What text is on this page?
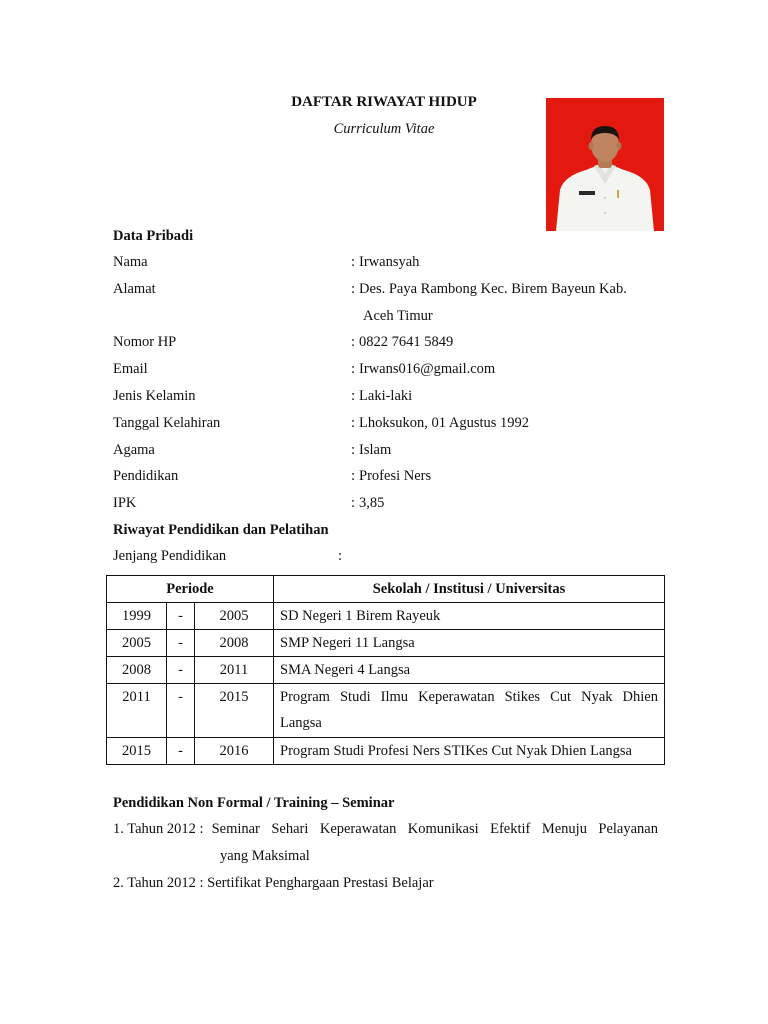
DAFTAR RIWAYAT HIDUP
Curriculum Vitae
Data Pribadi
Nama	: Irwansyah
Alamat	: Des. Paya Rambong Kec. Birem Bayeun Kab.
Aceh Timur
Nomor HP	: 0822 7641 5849
Email	: Irwans016@gmail.com
Jenis Kelamin	: Laki-laki
Tanggal Kelahiran	: Lhoksukon, 01 Agustus 1992
Agama	: Islam
Pendidikan	: Profesi Ners
IPK	: 3,85
Riwayat Pendidikan dan Pelatihan
Jenjang Pendidikan	:
Periode			Sekolah / Institusi / Universitas
1999	-	2005	SD Negeri 1 Birem Rayeuk
2005	-	2008	SMP Negeri 11 Langsa
2008	-	2011	SMA Negeri 4 Langsa
2011	-	2015	Program Studi Ilmu Keperawatan Stikes Cut Nyak Dhien
Langsa

2015	-	2016	Program Studi Profesi Ners STIKes Cut Nyak Dhien Langsa
Pendidikan Non Formal / Training – Seminar
1. Tahun 2012 : Seminar Sehari Keperawatan Komunikasi Efektif Menuju Pelayanan
yang Maksimal
2. Tahun 2012 : Sertifikat Penghargaan Prestasi Belajar
